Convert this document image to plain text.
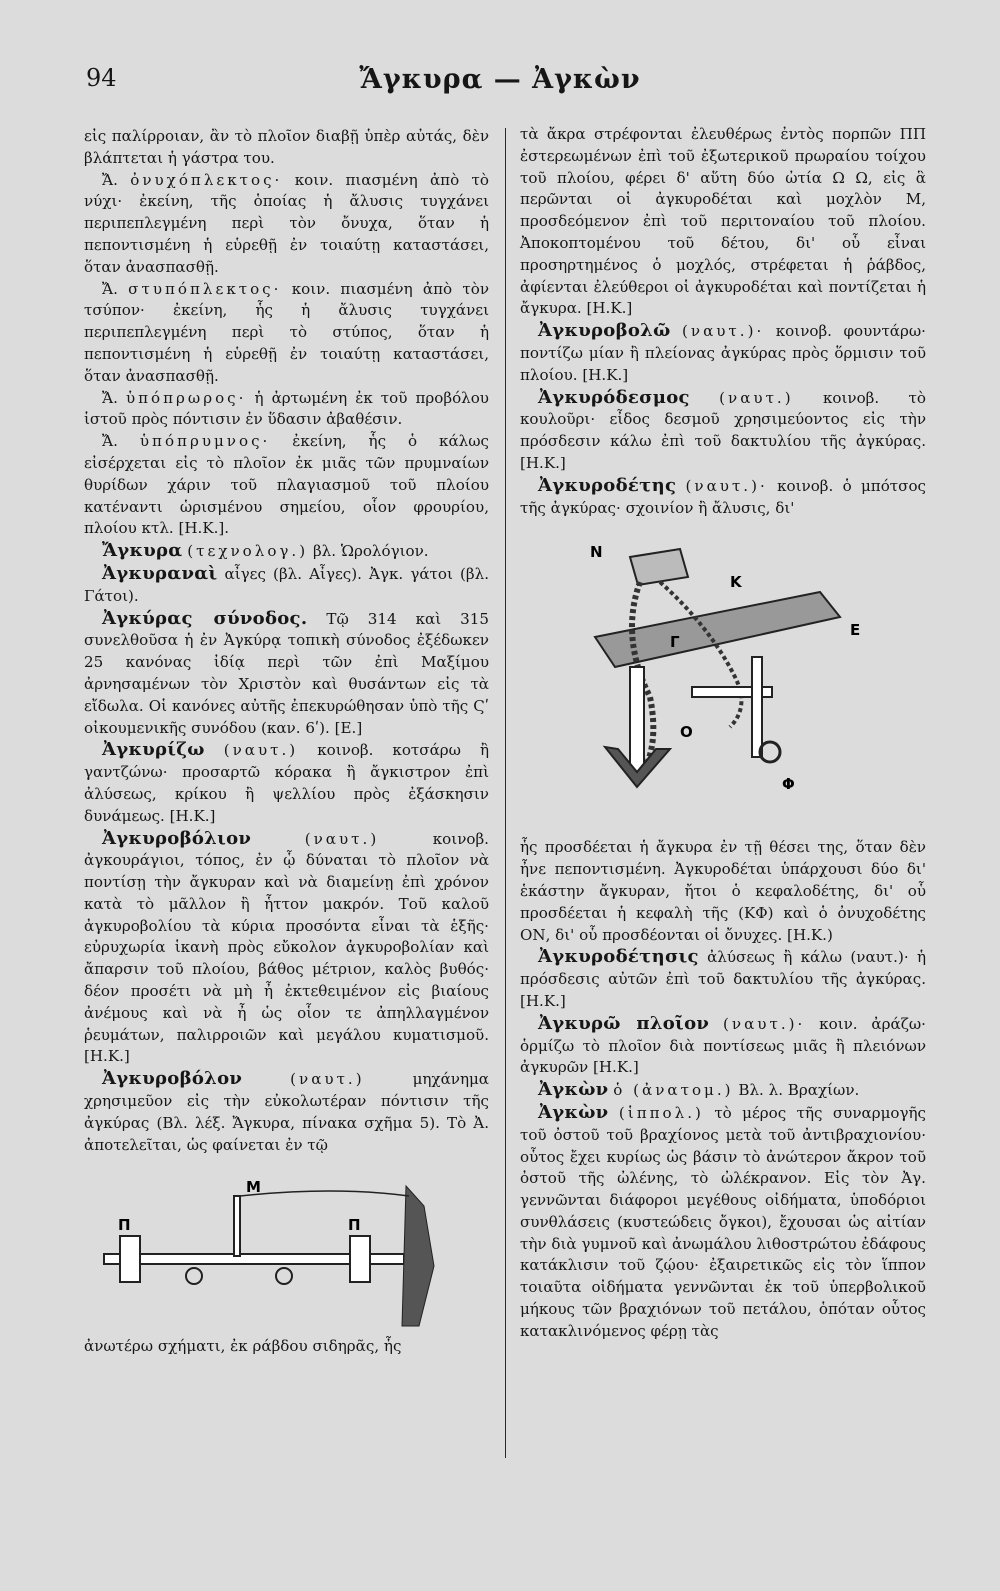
94	Ἄγκυρα — Ἀγκὼν

εἰς παλίρροιαν, ἂν τὸ πλοῖον διαβῇ ὑπὲρ αὐτάς, δὲν βλάπτεται ἡ γάστρα του.

Ἄ. ὀνυχόπλεκτος· κοιν. πιασμένη ἀπὸ τὸ νύχι· ἐκείνη, τῆς ὁποίας ἡ ἄλυσις τυγχάνει περιπεπλεγμένη περὶ τὸν ὄνυχα, ὅταν ἡ πεποντισμένη ἡ εὑρεθῇ ἐν τοιαύτῃ καταστάσει, ὅταν ἀνασπασθῇ.

Ἄ. στυπόπλεκτος· κοιν. πιασμένη ἀπὸ τὸν τσύπον· ἐκείνη, ἧς ἡ ἄλυσις τυγχάνει περιπεπλεγμένη περὶ τὸ στύπος, ὅταν ἡ πεποντισμένη ἡ εὑρεθῇ ἐν τοιαύτῃ καταστάσει, ὅταν ἀνασπασθῇ.

Ἄ. ὑπόπρωρος· ἡ ἀρτωμένη ἐκ τοῦ προβόλου ἱστοῦ πρὸς πόντισιν ἐν ὕδασιν ἀβαθέσιν.

Ἄ. ὑπόπρυμνος· ἐκείνη, ἧς ὁ κάλως εἰσέρχεται εἰς τὸ πλοῖον ἐκ μιᾶς τῶν πρυμναίων θυρίδων χάριν τοῦ πλαγιασμοῦ τοῦ πλοίου κατέναντι ὡρισμένου σημείου, οἷον φρουρίου, πλοίου κτλ. [Η.Κ.].

Ἄγκυρα (τεχνολογ.) βλ. Ὡρολόγιον.

Ἀγκυραναὶ αἶγες (βλ. Αἶγες). Ἀγκ. γάτοι (βλ. Γάτοι).

Ἀγκύρας σύνοδος. Τῷ 314 καὶ 315 συνελθοῦσα ἡ ἐν Ἀγκύρᾳ τοπικὴ σύνοδος ἐξέδωκεν 25 κανόνας ἰδίᾳ περὶ τῶν ἐπὶ Μαξίμου ἀρνησαμένων τὸν Χριστὸν καὶ θυσάντων εἰς τὰ εἴδωλα. Οἱ κανόνες αὐτῆς ἐπεκυρώθησαν ὑπὸ τῆς Ϛʹ οἰκουμενικῆς συνόδου (καν. 6ʹ). [Ε.]

Ἀγκυρίζω (ναυτ.) κοινοβ. κοτσάρω ἢ γαντζώνω· προσαρτῶ κόρακα ἢ ἄγκιστρον ἐπὶ ἀλύσεως, κρίκου ἢ ψελλίου πρὸς ἐξάσκησιν δυνάμεως. [Η.Κ.]

Ἀγκυροβόλιον	(ναυτ.)	κοινοβ. ἀγκουράγιοι, τόπος, ἐν ᾧ δύναται τὸ πλοῖον νὰ ποντίσῃ τὴν ἄγκυραν καὶ νὰ διαμείνῃ ἐπὶ χρόνον κατὰ τὸ μᾶλλον ἢ ἧττον μακρόν. Τοῦ καλοῦ ἀγκυροβολίου τὰ κύρια προσόντα εἶναι τὰ ἑξῆς· εὐρυχωρία ἱκανὴ πρὸς εὔκολον ἀγκυροβολίαν καὶ ἄπαρσιν τοῦ πλοίου, βάθος μέτριον, καλὸς βυθός· δέον προσέτι νὰ μὴ ἦ ἐκτεθειμένον εἰς βιαίους ἀνέμους καὶ νὰ ἦ ὡς οἷον τε ἀπηλλαγμένον ῥευμάτων, παλιρροιῶν καὶ μεγάλου κυματισμοῦ. [Η.Κ.]

Ἀγκυροβόλον	(ναυτ.)	μηχάνημα χρησιμεῦον εἰς τὴν εὐκολωτέραν πόντισιν τῆς ἀγκύρας (Βλ. λέξ. Ἄγκυρα, πίνακα σχῆμα 5). Τὸ Ἀ. ἀποτελεῖται, ὡς φαίνεται ἐν τῷ

Μ
Π	Π

ἀνωτέρω σχήματι, ἐκ ράβδου σιδηρᾶς, ἧς

τὰ ἄκρα στρέφονται ἐλευθέρως ἐντὸς πορπῶν ΠΠ ἐστερεωμένων ἐπὶ τοῦ ἐξωτερικοῦ πρωραίου τοίχου τοῦ πλοίου, φέρει δ' αὕτη δύο ὠτία Ω Ω, εἰς ἃ περῶνται οἱ ἀγκυροδέται καὶ μοχλὸν Μ, προσδεόμενον ἐπὶ τοῦ περιτοναίου τοῦ πλοίου. Ἀποκοπτομένου τοῦ δέτου, δι' οὗ εἶναι προσηρτημένος ὁ μοχλός, στρέφεται ἡ ῥάβδος, ἀφίενται ἐλεύθεροι οἱ ἀγκυροδέται καὶ ποντίζεται ἡ ἄγκυρα. [Η.Κ.]

Ἀγκυροβολῶ (ναυτ.)· κοινοβ. φουντάρω· ποντίζω μίαν ἢ πλείονας ἀγκύρας πρὸς ὅρμισιν τοῦ πλοίου. [Η.Κ.]

Ἀγκυρόδεσμος (ναυτ.) κοινοβ. τὸ κουλοῦρι· εἶδος δεσμοῦ χρησιμεύοντος εἰς τὴν πρόσδεσιν κάλω ἐπὶ τοῦ δακτυλίου τῆς ἀγκύρας. [Η.Κ.]

Ἀγκυροδέτης (ναυτ.)· κοινοβ. ὁ μπότσος τῆς ἀγκύρας· σχοινίον ἢ ἄλυσις, δι'

N
K
Γ
E
O
Φ

ἧς προσδέεται ἡ ἄγκυρα ἐν τῇ θέσει της, ὅταν δὲν ἦνε πεποντισμένη. Ἀγκυροδέται ὑπάρχουσι δύο δι' ἑκάστην ἄγκυραν, ἤτοι ὁ κεφαλοδέτης, δι' οὗ προσδέεται ἡ κεφαλὴ τῆς (ΚΦ) καὶ ὁ ὀνυχοδέτης ΟΝ, δι' οὗ προσδέονται οἱ ὄνυχες. [Η.Κ.)

Ἀγκυροδέτησις ἀλύσεως ἢ κάλω (ναυτ.)· ἡ πρόσδεσις αὐτῶν ἐπὶ τοῦ δακτυλίου τῆς ἀγκύρας. [Η.Κ.]

Ἀγκυρῶ πλοῖον (ναυτ.)· κοιν. ἀράζω· ὁρμίζω τὸ πλοῖον διὰ ποντίσεως μιᾶς ἢ πλειόνων ἀγκυρῶν [Η.Κ.]

Ἀγκὼν ὁ (ἀνατομ.) Βλ. λ. Βραχίων.

Ἀγκὼν (ἱππολ.) τὸ μέρος τῆς συναρμογῆς τοῦ ὀστοῦ τοῦ βραχίονος μετὰ τοῦ ἀντιβραχιονίου· οὗτος ἔχει κυρίως ὡς βάσιν τὸ ἀνώτερον ἄκρον τοῦ ὀστοῦ τῆς ὠλένης, τὸ ὠλέκρανον. Εἰς τὸν Ἀγ. γεννῶνται διάφοροι μεγέθους οἰδήματα, ὑποδόριοι συνθλάσεις (κυστεώδεις ὄγκοι), ἔχουσαι ὡς αἰτίαν τὴν διὰ γυμνοῦ καὶ ἀνωμάλου λιθοστρώτου ἐδάφους κατάκλισιν τοῦ ζῴου· ἐξαιρετικῶς εἰς τὸν ἵππον τοιαῦτα οἰδήματα γεννῶνται ἐκ τοῦ ὑπερβολικοῦ μήκους τῶν βραχιόνων τοῦ πετάλου, ὁπόταν οὗτος κατακλινόμενος φέρῃ τὰς
